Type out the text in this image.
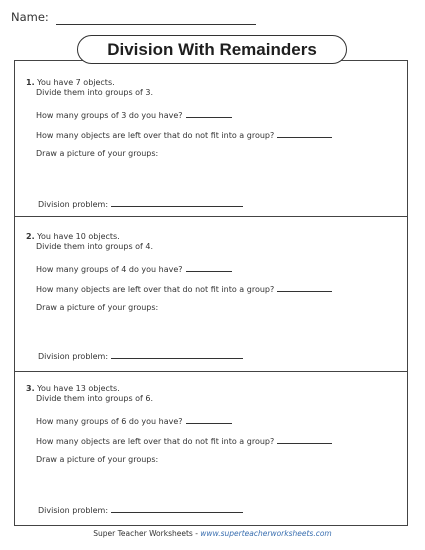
Name:
Division With Remainders
1. You have 7 objects.
Divide them into groups of 3.
How many groups of 3 do you have?
How many objects are left over that do not fit into a group?
Draw a picture of your groups:
Division problem:
2. You have 10 objects.
Divide them into groups of 4.
How many groups of 4 do you have?
How many objects are left over that do not fit into a group?
Draw a picture of your groups:
Division problem:
3. You have 13 objects.
Divide them into groups of 6.
How many groups of 6 do you have?
How many objects are left over that do not fit into a group?
Draw a picture of your groups:
Division problem:
Super Teacher Worksheets - www.superteacherworksheets.com
